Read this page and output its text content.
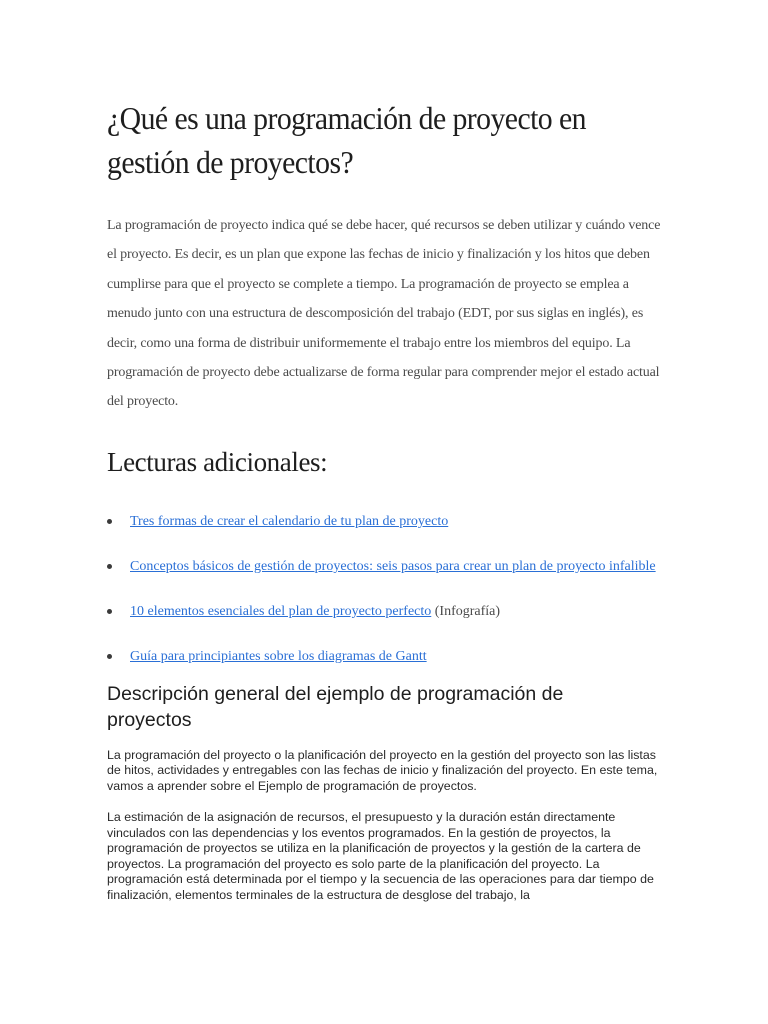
¿Qué es una programación de proyecto en gestión de proyectos?

La programación de proyecto indica qué se debe hacer, qué recursos se deben utilizar y cuándo vence el proyecto. Es decir, es un plan que expone las fechas de inicio y finalización y los hitos que deben cumplirse para que el proyecto se complete a tiempo. La programación de proyecto se emplea a menudo junto con una estructura de descomposición del trabajo (EDT, por sus siglas en inglés), es decir, como una forma de distribuir uniformemente el trabajo entre los miembros del equipo. La programación de proyecto debe actualizarse de forma regular para comprender mejor el estado actual del proyecto.

Lecturas adicionales:
Tres formas de crear el calendario de tu plan de proyecto
Conceptos básicos de gestión de proyectos: seis pasos para crear un plan de proyecto infalible
10 elementos esenciales del plan de proyecto perfecto (Infografía)
Guía para principiantes sobre los diagramas de Gantt
Descripción general del ejemplo de programación de proyectos

La programación del proyecto o la planificación del proyecto en la gestión del proyecto son las listas de hitos, actividades y entregables con las fechas de inicio y finalización del proyecto. En este tema, vamos a aprender sobre el Ejemplo de programación de proyectos.

La estimación de la asignación de recursos, el presupuesto y la duración están directamente vinculados con las dependencias y los eventos programados. En la gestión de proyectos, la programación de proyectos se utiliza en la planificación de proyectos y la gestión de la cartera de proyectos. La programación del proyecto es solo parte de la planificación del proyecto. La programación está determinada por el tiempo y la secuencia de las operaciones para dar tiempo de finalización, elementos terminales de la estructura de desglose del trabajo, la
